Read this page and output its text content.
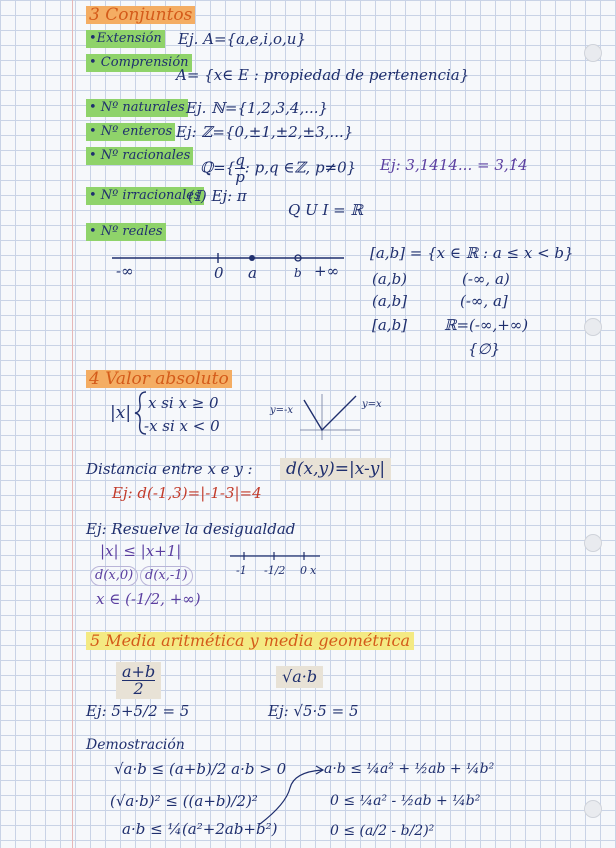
3 Conjuntos
•Extensión Ej. A={a,e,i,o,u}
• Comprensión
A= {x∈ E : propiedad de pertenencia}
• Nº naturales Ej. ℕ={1,2,3,4,...}
• Nº enteros Ej: ℤ={0,±1,±2,±3,...}
• Nº racionales
ℚ={ $\frac{q}{p}$ : p,q ∈ℤ, p≠0} Ej: 3,1414... = 3,1̂4
• Nº irracionales
(𝕀) Ej: π
Q U I = ℝ
• Nº reales
-∞	0 a	b +∞
[a,b] = {x ∈ ℝ : a ≤ x < b}
(a,b)	(-∞, a)
(a,b]	(-∞, a]
[a,b] ℝ=(-∞,+∞)
{∅}
4 Valor absoluto
|x| x si x ≥ 0
-x si x < 0
y=-x
y=x
Distancia entre x e y :	d(x,y)=|x-y|
Ej: d(-1,3)=|-1-3|=4
Ej: Resuelve la desigualdad
|x| ≤ |x+1|
d(x,0) d(x,-1)
x ∈ (-1/2, +∞)
-1 -1/2 0 x
5 Media aritmética y media geométrica
$\frac{a+b}{2}$	√a·b
Ej: 5+5/2 = 5	Ej: √5·5 = 5
Demostración
√a·b ≤ (a+b)/2 a·b > 0
(√a·b)² ≤ ((a+b)/2)²
a·b ≤ ¼(a²+2ab+b²)
a·b ≤ ¼a² + ½ab + ¼b²
0 ≤ ¼a² - ½ab + ¼b²
0 ≤ (a/2 - b/2)²
